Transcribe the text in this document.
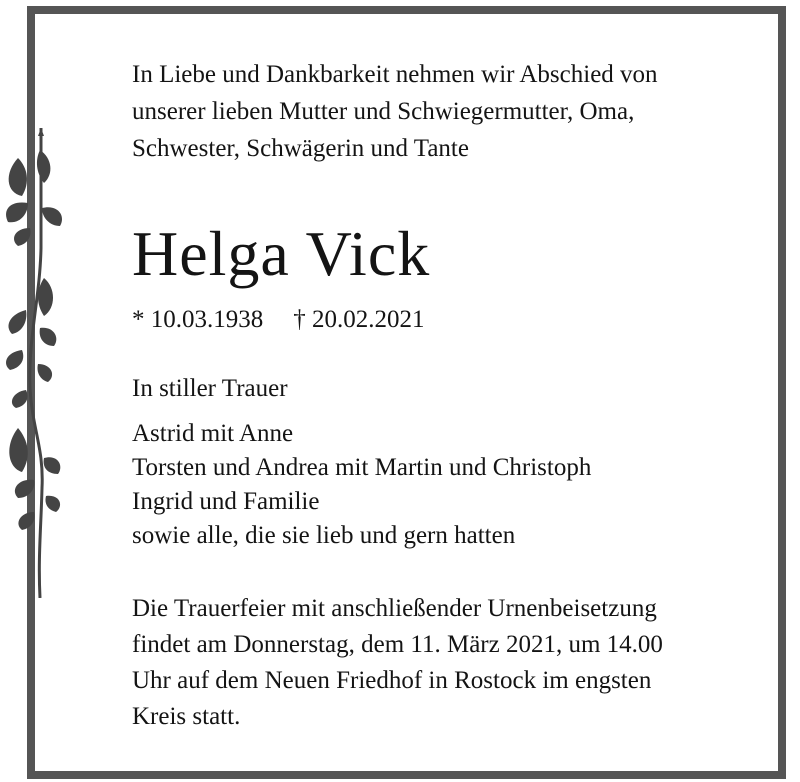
In Liebe und Dankbarkeit nehmen wir Abschied von
unserer lieben Mutter und Schwiegermutter, Oma,
Schwester, Schwägerin und Tante
Helga Vick
* 10.03.1938 † 20.02.2021
In stiller Trauer
Astrid mit Anne
Torsten und Andrea mit Martin und Christoph
Ingrid und Familie
sowie alle, die sie lieb und gern hatten
Die Trauerfeier mit anschließender Urnenbeisetzung
findet am Donnerstag, dem 11. März 2021, um 14.00
Uhr auf dem Neuen Friedhof in Rostock im engsten
Kreis statt.
